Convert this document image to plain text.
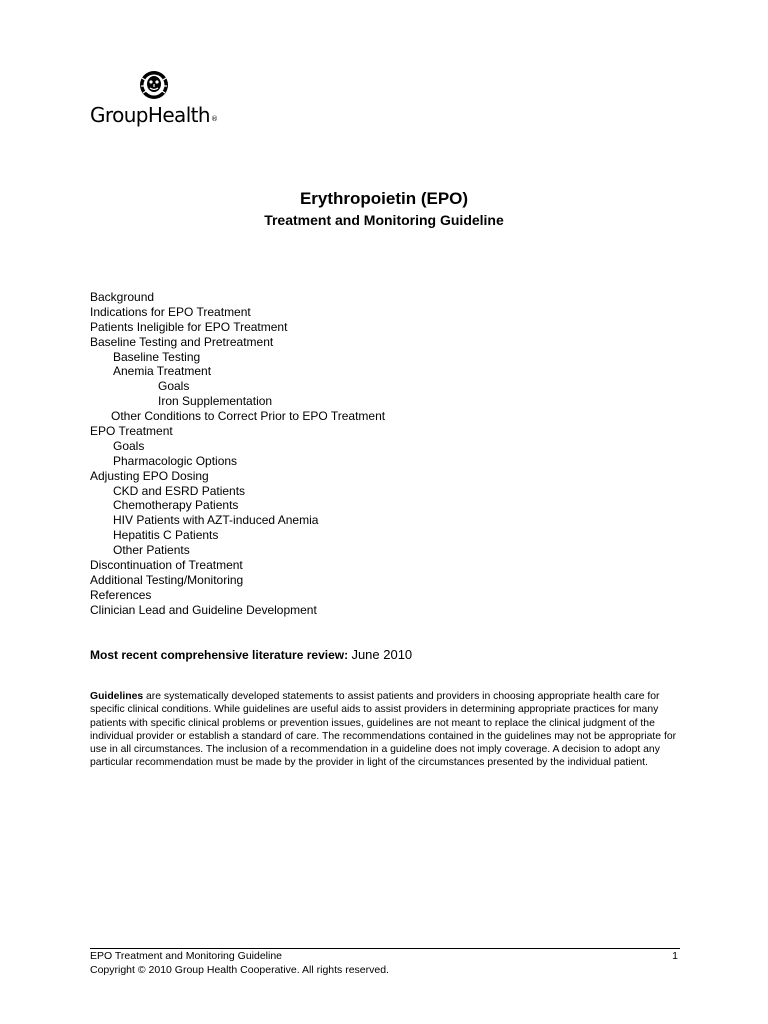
GroupHealth®
Erythropoietin (EPO)
Treatment and Monitoring Guideline
Background
Indications for EPO Treatment
Patients Ineligible for EPO Treatment
Baseline Testing and Pretreatment
Baseline Testing
Anemia Treatment
Goals
Iron Supplementation
Other Conditions to Correct Prior to EPO Treatment
EPO Treatment
Goals
Pharmacologic Options
Adjusting EPO Dosing
CKD and ESRD Patients
Chemotherapy Patients
HIV Patients with AZT-induced Anemia
Hepatitis C Patients
Other Patients
Discontinuation of Treatment
Additional Testing/Monitoring
References
Clinician Lead and Guideline Development
Most recent comprehensive literature review: June 2010

Guidelines are systematically developed statements to assist patients and providers in choosing appropriate health care for specific clinical conditions. While guidelines are useful aids to assist providers in determining appropriate practices for many patients with specific clinical problems or prevention issues, guidelines are not meant to replace the clinical judgment of the individual provider or establish a standard of care. The recommendations contained in the guidelines may not be appropriate for use in all circumstances. The inclusion of a recommendation in a guideline does not imply coverage. A decision to adopt any particular recommendation must be made by the provider in light of the circumstances presented by the individual patient.

EPO Treatment and Monitoring Guideline	1
Copyright © 2010 Group Health Cooperative. All rights reserved.
